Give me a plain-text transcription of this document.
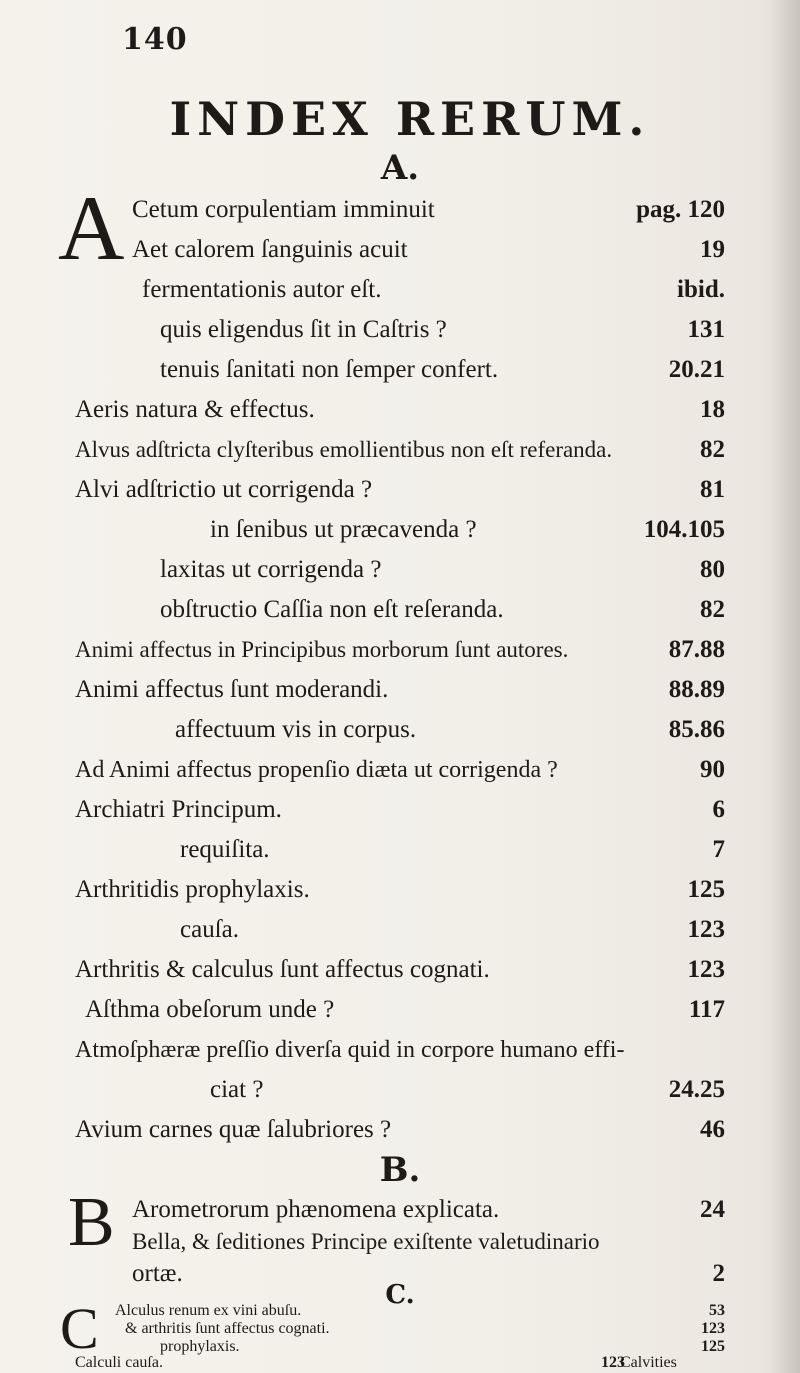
140
INDEX RERUM.
A.
A Cetum corpulentiam imminuit	pag. 120
Aet calorem ſanguinis acuit	19
fermentationis autor eſt.	ibid.
quis eligendus ſit in Caſtris ?	131
tenuis ſanitati non ſemper confert.	20.21
Aeris natura & effectus.	18
Alvus adſtricta clyſteribus emollientibus non eſt referanda.	82
Alvi adſtrictio ut corrigenda ?	81
in ſenibus ut præcavenda ?	104.105
laxitas ut corrigenda ?	80
obſtructio Caſſia non eſt reſeranda.	82
Animi affectus in Principibus morborum ſunt autores.	87.88
Animi affectus ſunt moderandi.	88.89
affectuum vis in corpus.	85.86
Ad Animi affectus propenſio diæta ut corrigenda ?	90
Archiatri Principum.	6
requiſita.	7
Arthritidis prophylaxis.	125
cauſa.	123
Arthritis & calculus ſunt affectus cognati.	123
Aſthma obeſorum unde ?	117
Atmoſphæræ preſſio diverſa quid in corpore humano effi-
ciat ?	24.25
Avium carnes quæ ſalubriores ?	46
B.
B Arometrorum phænomena explicata.	24
Bella, & ſeditiones Principe exiſtente valetudinario
ortæ.	2
C.
C Alculus renum ex vini abuſu.	53
& arthritis ſunt affectus cognati.	123
prophylaxis.	125
Calculi cauſa.	123
Calvities
